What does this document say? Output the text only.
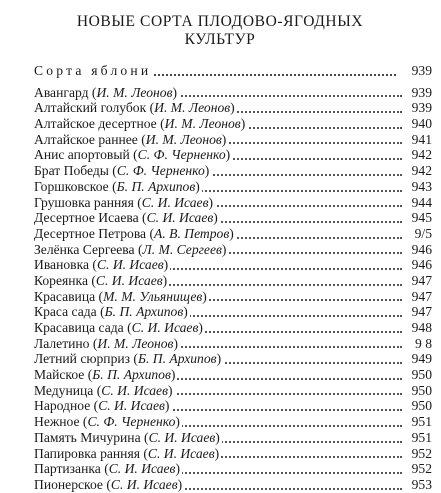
НОВЫЕ СОРТА ПЛОДОВО-ЯГОДНЫХ
КУЛЬТУР
Сорта яблони	939
Авангард (И. М. Леонов)	939
Алтайский голубок (И. М. Леонов)	939
Алтайское десертное (И. М. Леонов)	940
Алтайское раннее (И. М. Леонов)	941
Анис апортовый (С. Ф. Черненко)	942
Брат Победы (С. Ф. Черненко)	942
Горшковское (Б. П. Архипов)	943
Грушовка ранняя (С. И. Исаев)	944
Десертное Исаева (С. И. Исаев)	945
Десертное Петрова (А. В. Петров)	9/5
Зелёнка Сергеева (Л. М. Сергеев)	946
Ивановка (С. И. Исаев)	946
Кореянка (С. И. Исаев)	947
Красавица (М. М. Ульянищев)	947
Краса сада (Б. П. Архипов)	947
Красавица сада (С. И. Исаев)	948
Лалетино (И. М. Леонов)	9 8
Летний сюрприз (Б. П. Архипов)	949
Майское (Б. П. Архипов)	950
Медуница (С. И. Исаев)	950
Народное (С. И. Исаев)	950
Нежное (С. Ф. Черненко)	951
Память Мичурина (С. И. Исаев)	951
Папировка ранняя (С. И. Исаев)	952
Партизанка (С. И. Исаев)	952
Пионерское (С. И. Исаев)	953
